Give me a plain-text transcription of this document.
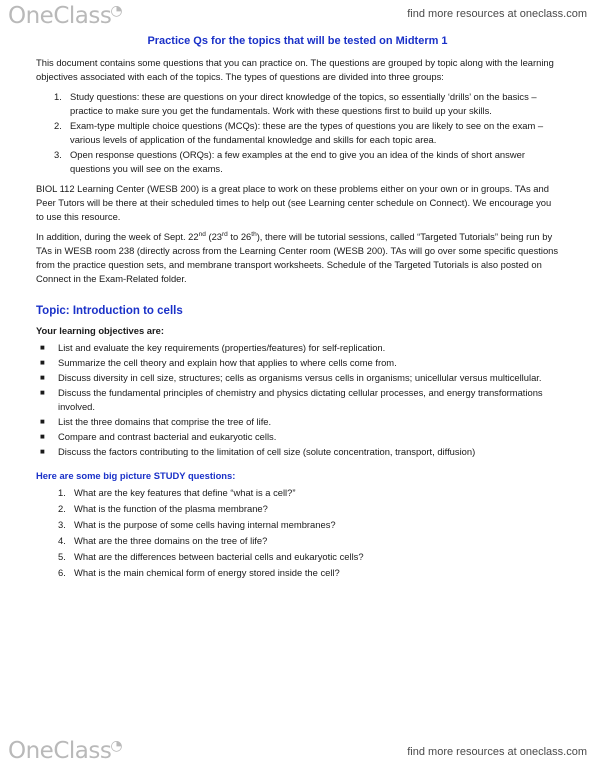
OneClass◔	find more resources at oneclass.com
Practice Qs for the topics that will be tested on Midterm 1

This document contains some questions that you can practice on. The questions are grouped by topic along with the learning objectives associated with each of the topics. The types of questions are divided into three groups:

1. Study questions: these are questions on your direct knowledge of the topics, so essentially ‘drills’ on the basics – practice to make sure you get the fundamentals. Work with these questions first to build up your skills.
2. Exam-type multiple choice questions (MCQs): these are the types of questions you are likely to see on the exam – various levels of application of the fundamental knowledge and skills for each topic area.
3. Open response questions (ORQs): a few examples at the end to give you an idea of the kinds of short answer questions you will see on the exams.

BIOL 112 Learning Center (WESB 200) is a great place to work on these problems either on your own or in groups. TAs and Peer Tutors will be there at their scheduled times to help out (see Learning center schedule on Connect). We encourage you to use this resource.

In addition, during the week of Sept. 22nd (23rd to 26th), there will be tutorial sessions, called “Targeted Tutorials” being run by TAs in WESB room 238 (directly across from the Learning Center room (WESB 200). TAs will go over some specific questions from the practice question sets, and membrane transport worksheets. Schedule of the Targeted Tutorials is also posted on Connect in the Exam-Related folder.

Topic: Introduction to cells
Your learning objectives are:
■ List and evaluate the key requirements (properties/features) for self-replication.
■ Summarize the cell theory and explain how that applies to where cells come from.
■ Discuss diversity in cell size, structures; cells as organisms versus cells in organisms; unicellular versus multicellular.
■ Discuss the fundamental principles of chemistry and physics dictating cellular processes, and energy transformations involved.
■ List the three domains that comprise the tree of life.
■ Compare and contrast bacterial and eukaryotic cells.
■ Discuss the factors contributing to the limitation of cell size (solute concentration, transport, diffusion)
Here are some big picture STUDY questions:
1. What are the key features that define “what is a cell?”
2. What is the function of the plasma membrane?
3. What is the purpose of some cells having internal membranes?
4. What are the three domains on the tree of life?
5. What are the differences between bacterial cells and eukaryotic cells?
6. What is the main chemical form of energy stored inside the cell?
OneClass◔	find more resources at oneclass.com
